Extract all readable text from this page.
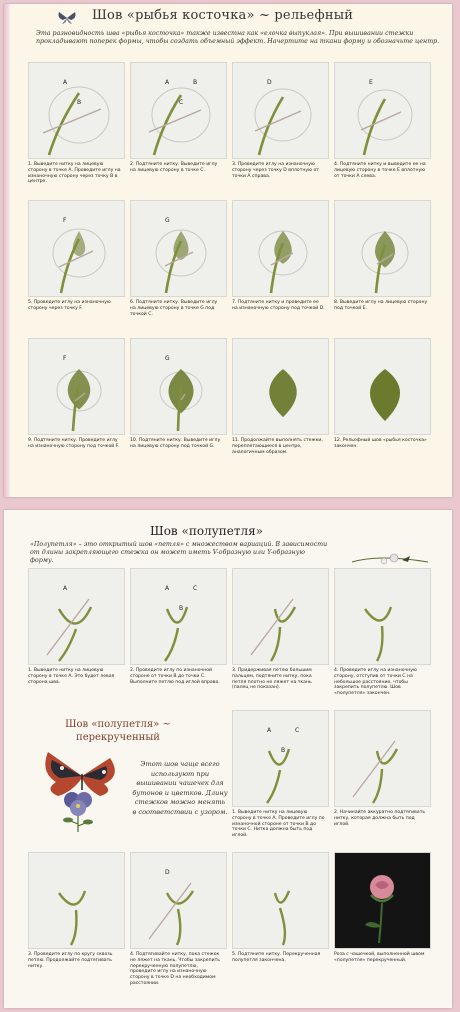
Шов «рыбья косточка» ~ рельефный
Эта разновидность шва «рыбья косточка» также известна как «елочка выпуклая». При вышивании стежки прокладывают поперек формы, чтобы создать объемный эффект. Начертите на ткани форму и обозначьте центр.
A
B
1. Выведите нитку на лицевую сторону в точке А. Проведите иглу на изнаночную сторону через точку В в центре.
A
C
B
2. Подтяните нитку. Выведите иглу на лицевую сторону в точке С.
D
3. Проведите иглу на изнаночную сторону через точку D вплотную от точки А справа.
E
4. Подтяните нитку и выведите ее на лицевую сторону в точке Е вплотную от точки А слева.
F
5. Проведите иглу на изнаночную сторону через точку F.
G
6. Подтяните нитку. Выведите иглу на лицевую сторону в точке G под точкой С.
7. Подтяните нитку и проведите ее на изнаночную сторону под точкой D.
8. Выведите иглу на лицевую сторону под точкой Е.
F
9. Подтяните нитку. Проведите иглу на изнаночную сторону под точкой F.
G
10. Подтяните нитку. Выведите иглу на лицевую сторону под точкой G.
11. Продолжайте выполнять стежки, переплетающиеся в центре, аналогичным образом.
12. Рельефный шов «рыбья косточка» закончен.
Шов «полупетля»
«Полупетля» – это открытый шов «петля» с множеством вариаций. В зависимости от длины закрепляющего стежка он может иметь V-образную или Y-образную форму.
A
1. Выведите нитку на лицевую сторону в точке А. Это будет левая сторона шва.
A
B
C
2. Проведите иглу по изнаночной стороне от точки В до точки С. Выполните петлю под иглой вправо.
3. Придерживая петлю большим пальцем, подтяните нитку, пока петля плотно не ляжет на ткань (палец не показан).
4. Проведите иглу на изнаночную сторону, отступив от точки С на небольшое расстояние, чтобы закрепить полупетлю. Шов «полупетля» закончен.
Шов «полупетля» ~
перекрученный
Этот шов чаще всего используют при вышивании чашечек для бутонов и цветков. Длину стежков можно менять в соответствии с узором.
A
B
C
1. Выведите нитку на лицевую сторону в точке А. Проведите иглу по изнаночной стороне от точки В до точки С. Нитка должна быть под иглой.
2. Начинайте аккуратно подтягивать нитку, которая должна быть под иглой.
3. Проведите иглу по кругу сквозь петлю. Продолжайте подтягивать нитку.
D
4. Подтягивайте нитку, пока стежок не ляжет на ткань. Чтобы закрепить перекрученную полупетлю, проведите иглу на изнаночную сторону в точке D на необходимом расстоянии.
5. Подтяните нитку. Перекрученная полупетля закончена.
Роза с чашечкой, выполненной швом «полупетля» перекрученный.
